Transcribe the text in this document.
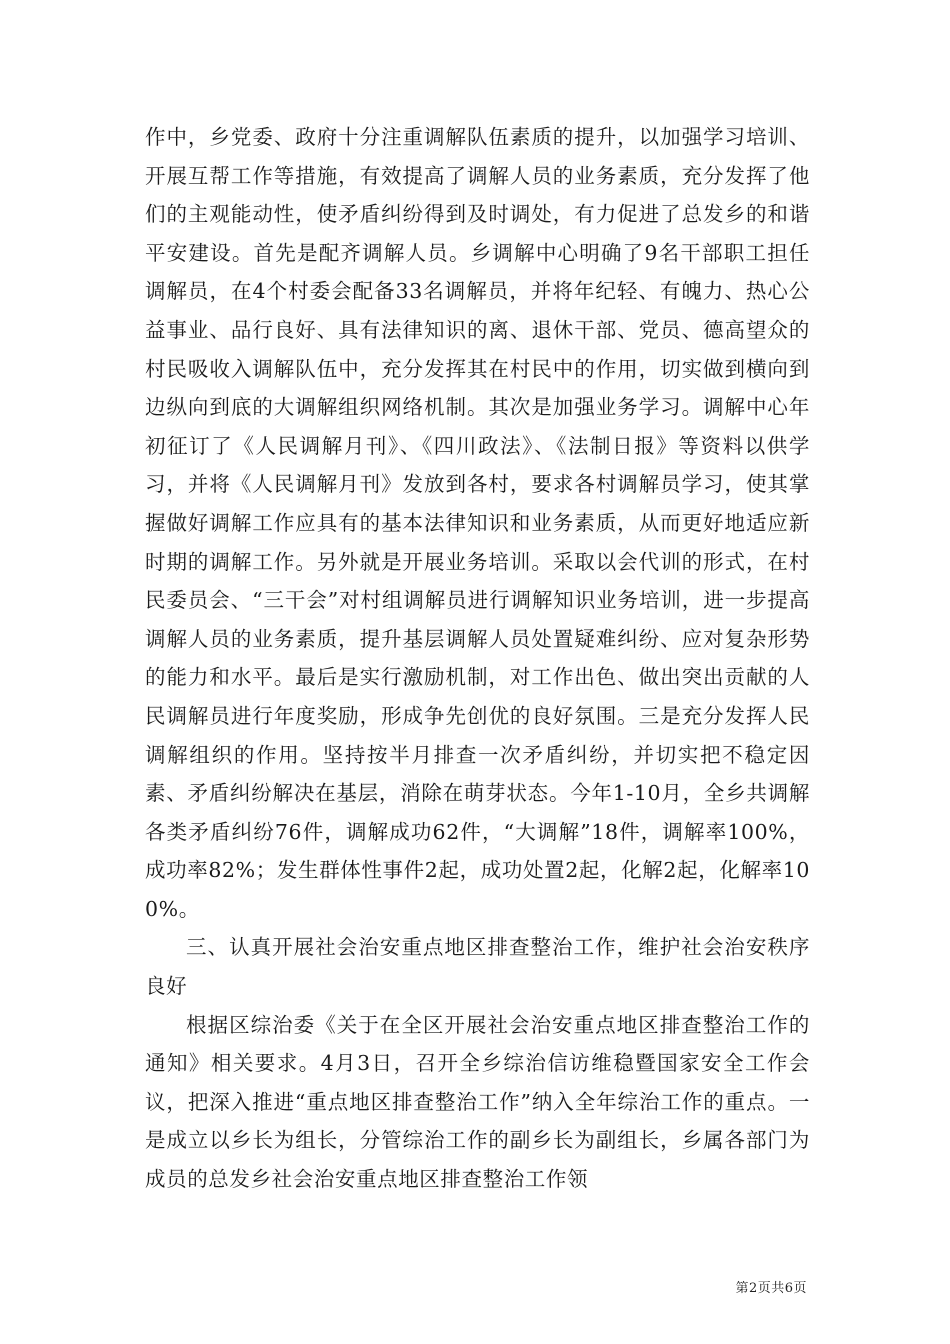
作中，乡党委、政府十分注重调解队伍素质的提升，以加强学习培训、开展互帮工作等措施，有效提高了调解人员的业务素质，充分发挥了他们的主观能动性，使矛盾纠纷得到及时调处，有力促进了总发乡的和谐平安建设。首先是配齐调解人员。乡调解中心明确了9名干部职工担任调解员，在4个村委会配备33名调解员，并将年纪轻、有魄力、热心公益事业、品行良好、具有法律知识的离、退休干部、党员、德高望众的村民吸收入调解队伍中，充分发挥其在村民中的作用，切实做到横向到边纵向到底的大调解组织网络机制。其次是加强业务学习。调解中心年初征订了《人民调解月刊》、《四川政法》、《法制日报》等资料以供学习，并将《人民调解月刊》发放到各村，要求各村调解员学习，使其掌握做好调解工作应具有的基本法律知识和业务素质，从而更好地适应新时期的调解工作。另外就是开展业务培训。采取以会代训的形式，在村民委员会、“三干会”对村组调解员进行调解知识业务培训，进一步提高调解人员的业务素质，提升基层调解人员处置疑难纠纷、应对复杂形势的能力和水平。最后是实行激励机制，对工作出色、做出突出贡献的人民调解员进行年度奖励，形成争先创优的良好氛围。三是充分发挥人民调解组织的作用。坚持按半月排查一次矛盾纠纷，并切实把不稳定因素、矛盾纠纷解决在基层，消除在萌芽状态。今年1-10月，全乡共调解各类矛盾纠纷76件，调解成功62件，“大调解”18件，调解率100%，成功率82%；发生群体性事件2起，成功处置2起，化解2起，化解率100%。

三、认真开展社会治安重点地区排查整治工作，维护社会治安秩序良好

根据区综治委《关于在全区开展社会治安重点地区排查整治工作的通知》相关要求。4月3日，召开全乡综治信访维稳暨国家安全工作会议，把深入推进“重点地区排查整治工作”纳入全年综治工作的重点。一是成立以乡长为组长，分管综治工作的副乡长为副组长，乡属各部门为成员的总发乡社会治安重点地区排查整治工作领

第2页共6页
